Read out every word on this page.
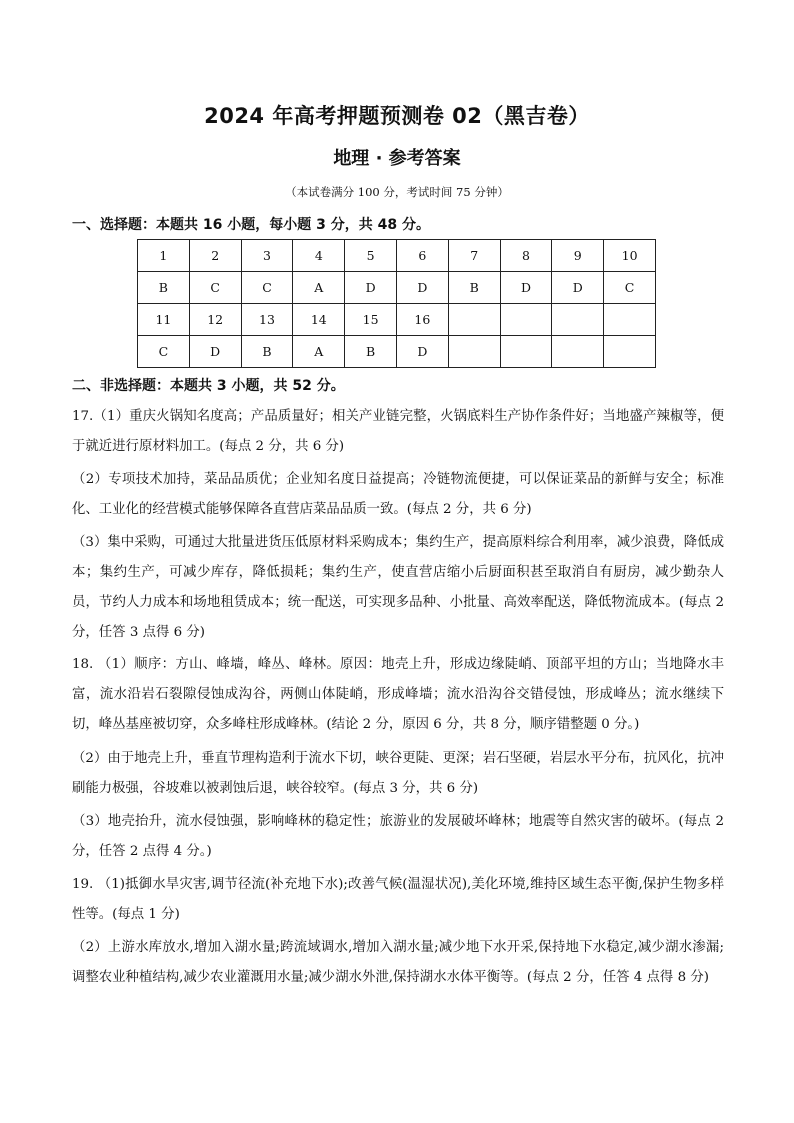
2024 年高考押题预测卷 02（黑吉卷）
地理 · 参考答案
（本试卷满分 100 分，考试时间 75 分钟）
一、选择题：本题共 16 小题，每小题 3 分，共 48 分。
1	2	3	4	5	6	7	8	9	10
B	C	C	A	D	D	B	D	D	C
11	12	13	14	15	16				
C	D	B	A	B	D				
二、非选择题：本题共 3 小题，共 52 分。
17.（1）重庆火锅知名度高；产品质量好；相关产业链完整，火锅底料生产协作条件好；当地盛产辣椒等，便于就近进行原材料加工。(每点 2 分，共 6 分)
（2）专项技术加持，菜品品质优；企业知名度日益提高；冷链物流便捷，可以保证菜品的新鲜与安全；标准化、工业化的经营模式能够保障各直营店菜品品质一致。(每点 2 分，共 6 分)
（3）集中采购，可通过大批量进货压低原材料采购成本；集约生产，提高原料综合利用率，减少浪费，降低成本；集约生产，可减少库存，降低损耗；集约生产，使直营店缩小后厨面积甚至取消自有厨房，减少勤杂人员，节约人力成本和场地租赁成本；统一配送，可实现多品种、小批量、高效率配送，降低物流成本。(每点 2 分，任答 3 点得 6 分)
18. （1）顺序：方山、峰墙，峰丛、峰林。原因：地壳上升，形成边缘陡峭、顶部平坦的方山；当地降水丰富，流水沿岩石裂隙侵蚀成沟谷，两侧山体陡峭，形成峰墙；流水沿沟谷交错侵蚀，形成峰丛；流水继续下切，峰丛基座被切穿，众多峰柱形成峰林。(结论 2 分，原因 6 分，共 8 分，顺序错整题 0 分。)
（2）由于地壳上升，垂直节理构造利于流水下切，峡谷更陡、更深；岩石坚硬，岩层水平分布，抗风化，抗冲刷能力极强，谷坡难以被剥蚀后退，峡谷较窄。(每点 3 分，共 6 分)
（3）地壳抬升，流水侵蚀强，影响峰林的稳定性；旅游业的发展破坏峰林；地震等自然灾害的破坏。(每点 2 分，任答 2 点得 4 分。)
19. （1)抵御水旱灾害,调节径流(补充地下水);改善气候(温湿状况),美化环境,维持区域生态平衡,保护生物多样性等。(每点 1 分)
（2）上游水库放水,增加入湖水量;跨流域调水,增加入湖水量;减少地下水开采,保持地下水稳定,减少湖水渗漏;调整农业种植结构,减少农业灌溉用水量;减少湖水外泄,保持湖水水体平衡等。(每点 2 分，任答 4 点得 8 分)
